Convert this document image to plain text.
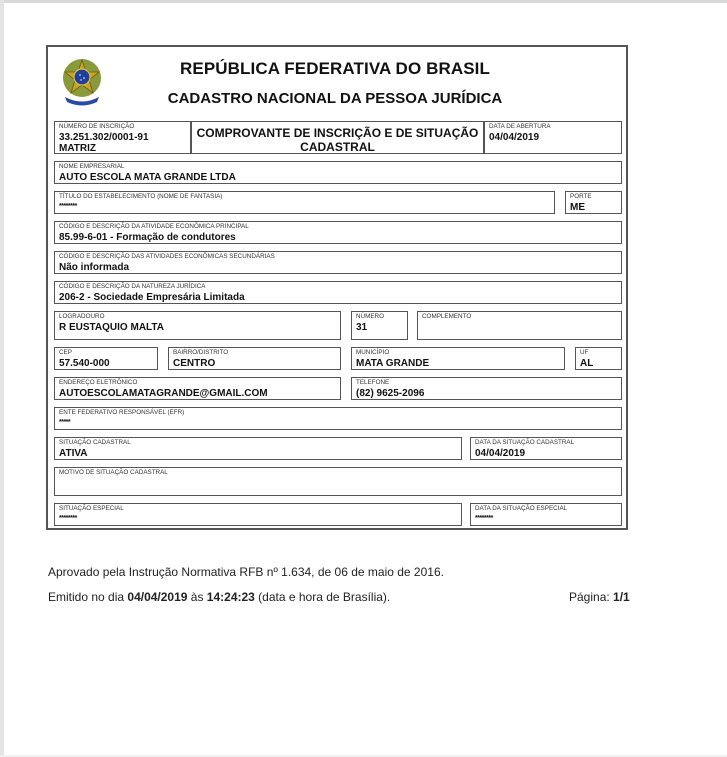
REPÚBLICA FEDERATIVA DO BRASIL
CADASTRO NACIONAL DA PESSOA JURÍDICA
NÚMERO DE INSCRIÇÃO
33.251.302/0001-91
MATRIZ
COMPROVANTE DE INSCRIÇÃO E DE SITUAÇÃO CADASTRAL
DATA DE ABERTURA
04/04/2019
NOME EMPRESARIAL
AUTO ESCOLA MATA GRANDE LTDA
TÍTULO DO ESTABELECIMENTO (NOME DE FANTASIA)
********
PORTE
ME
CÓDIGO E DESCRIÇÃO DA ATIVIDADE ECONÔMICA PRINCIPAL
85.99-6-01 - Formação de condutores
CÓDIGO E DESCRIÇÃO DAS ATIVIDADES ECONÔMICAS SECUNDÁRIAS
Não informada
CÓDIGO E DESCRIÇÃO DA NATUREZA JURÍDICA
206-2 - Sociedade Empresária Limitada
LOGRADOURO
R EUSTAQUIO MALTA
NÚMERO
31
COMPLEMENTO
CEP
57.540-000
BAIRRO/DISTRITO
CENTRO
MUNICÍPIO
MATA GRANDE
UF
AL
ENDEREÇO ELETRÔNICO
AUTOESCOLAMATAGRANDE@GMAIL.COM
TELEFONE
(82) 9625-2096
ENTE FEDERATIVO RESPONSÁVEL (EFR)
*****
SITUAÇÃO CADASTRAL
ATIVA
DATA DA SITUAÇÃO CADASTRAL
04/04/2019
MOTIVO DE SITUAÇÃO CADASTRAL
SITUAÇÃO ESPECIAL
********
DATA DA SITUAÇÃO ESPECIAL
********
Aprovado pela Instrução Normativa RFB nº 1.634, de 06 de maio de 2016.
Emitido no dia 04/04/2019 às 14:24:23 (data e hora de Brasília).	Página: 1/1
